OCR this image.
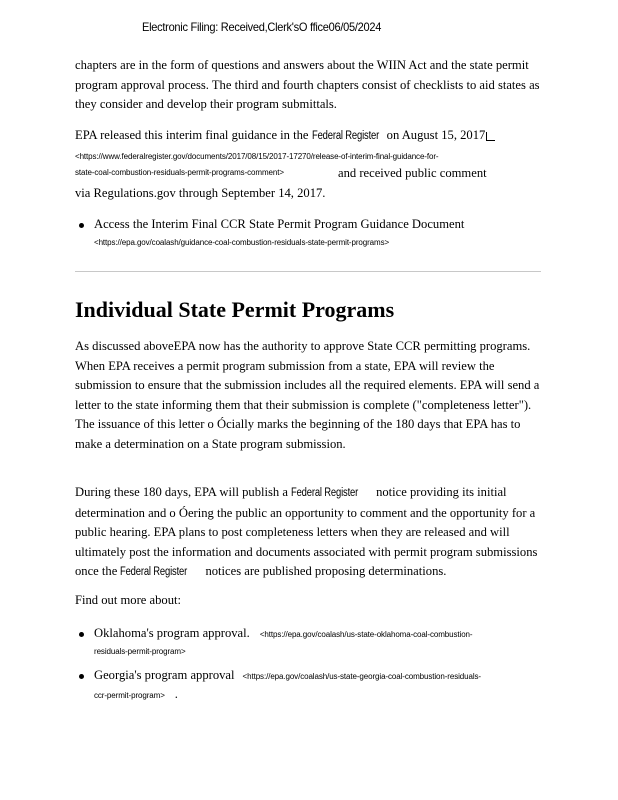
Electronic Filing: Received,Clerk'sO ffice06/05/2024

chapters are in the form of questions and answers about the WIIN Act and the state permit program approval process. The third and fourth chapters consist of checklists to aid states as they consider and develop their program submittals.

EPA released this interim final guidance in the Federal Register on August 15, 2017
<https://www.federalregister.gov/documents/2017/08/15/2017-17270/release-of-interim-final-guidance-for-
state-coal-combustion-residuals-permit-programs-comment>	and received public comment
via Regulations.gov through September 14, 2017.
Access the Interim Final CCR State Permit Program Guidance Document
<https://epa.gov/coalash/guidance-coal-combustion-residuals-state-permit-programs>
Individual State Permit Programs

As discussed aboveEPA now has the authority to approve State CCR permitting programs. When EPA receives a permit program submission from a state, EPA will review the submission to ensure that the submission includes all the required elements. EPA will send a letter to the state informing them that their submission is complete ("completeness letter"). The issuance of this letter o Ócially marks the beginning of the 180 days that EPA has to make a determination on a State program submission.

During these 180 days, EPA will publish a Federal Register notice providing its initial determination and o Óering the public an opportunity to comment and the opportunity for a public hearing. EPA plans to post completeness letters when they are released and will ultimately post the information and documents associated with permit program submissions once the Federal Register notices are published proposing determinations.

Find out more about:

Oklahoma's program approval. <https://epa.gov/coalash/us-state-oklahoma-coal-combustion-
residuals-permit-program>
Georgia's program approval <https://epa.gov/coalash/us-state-georgia-coal-combustion-residuals-
ccr-permit-program> .
